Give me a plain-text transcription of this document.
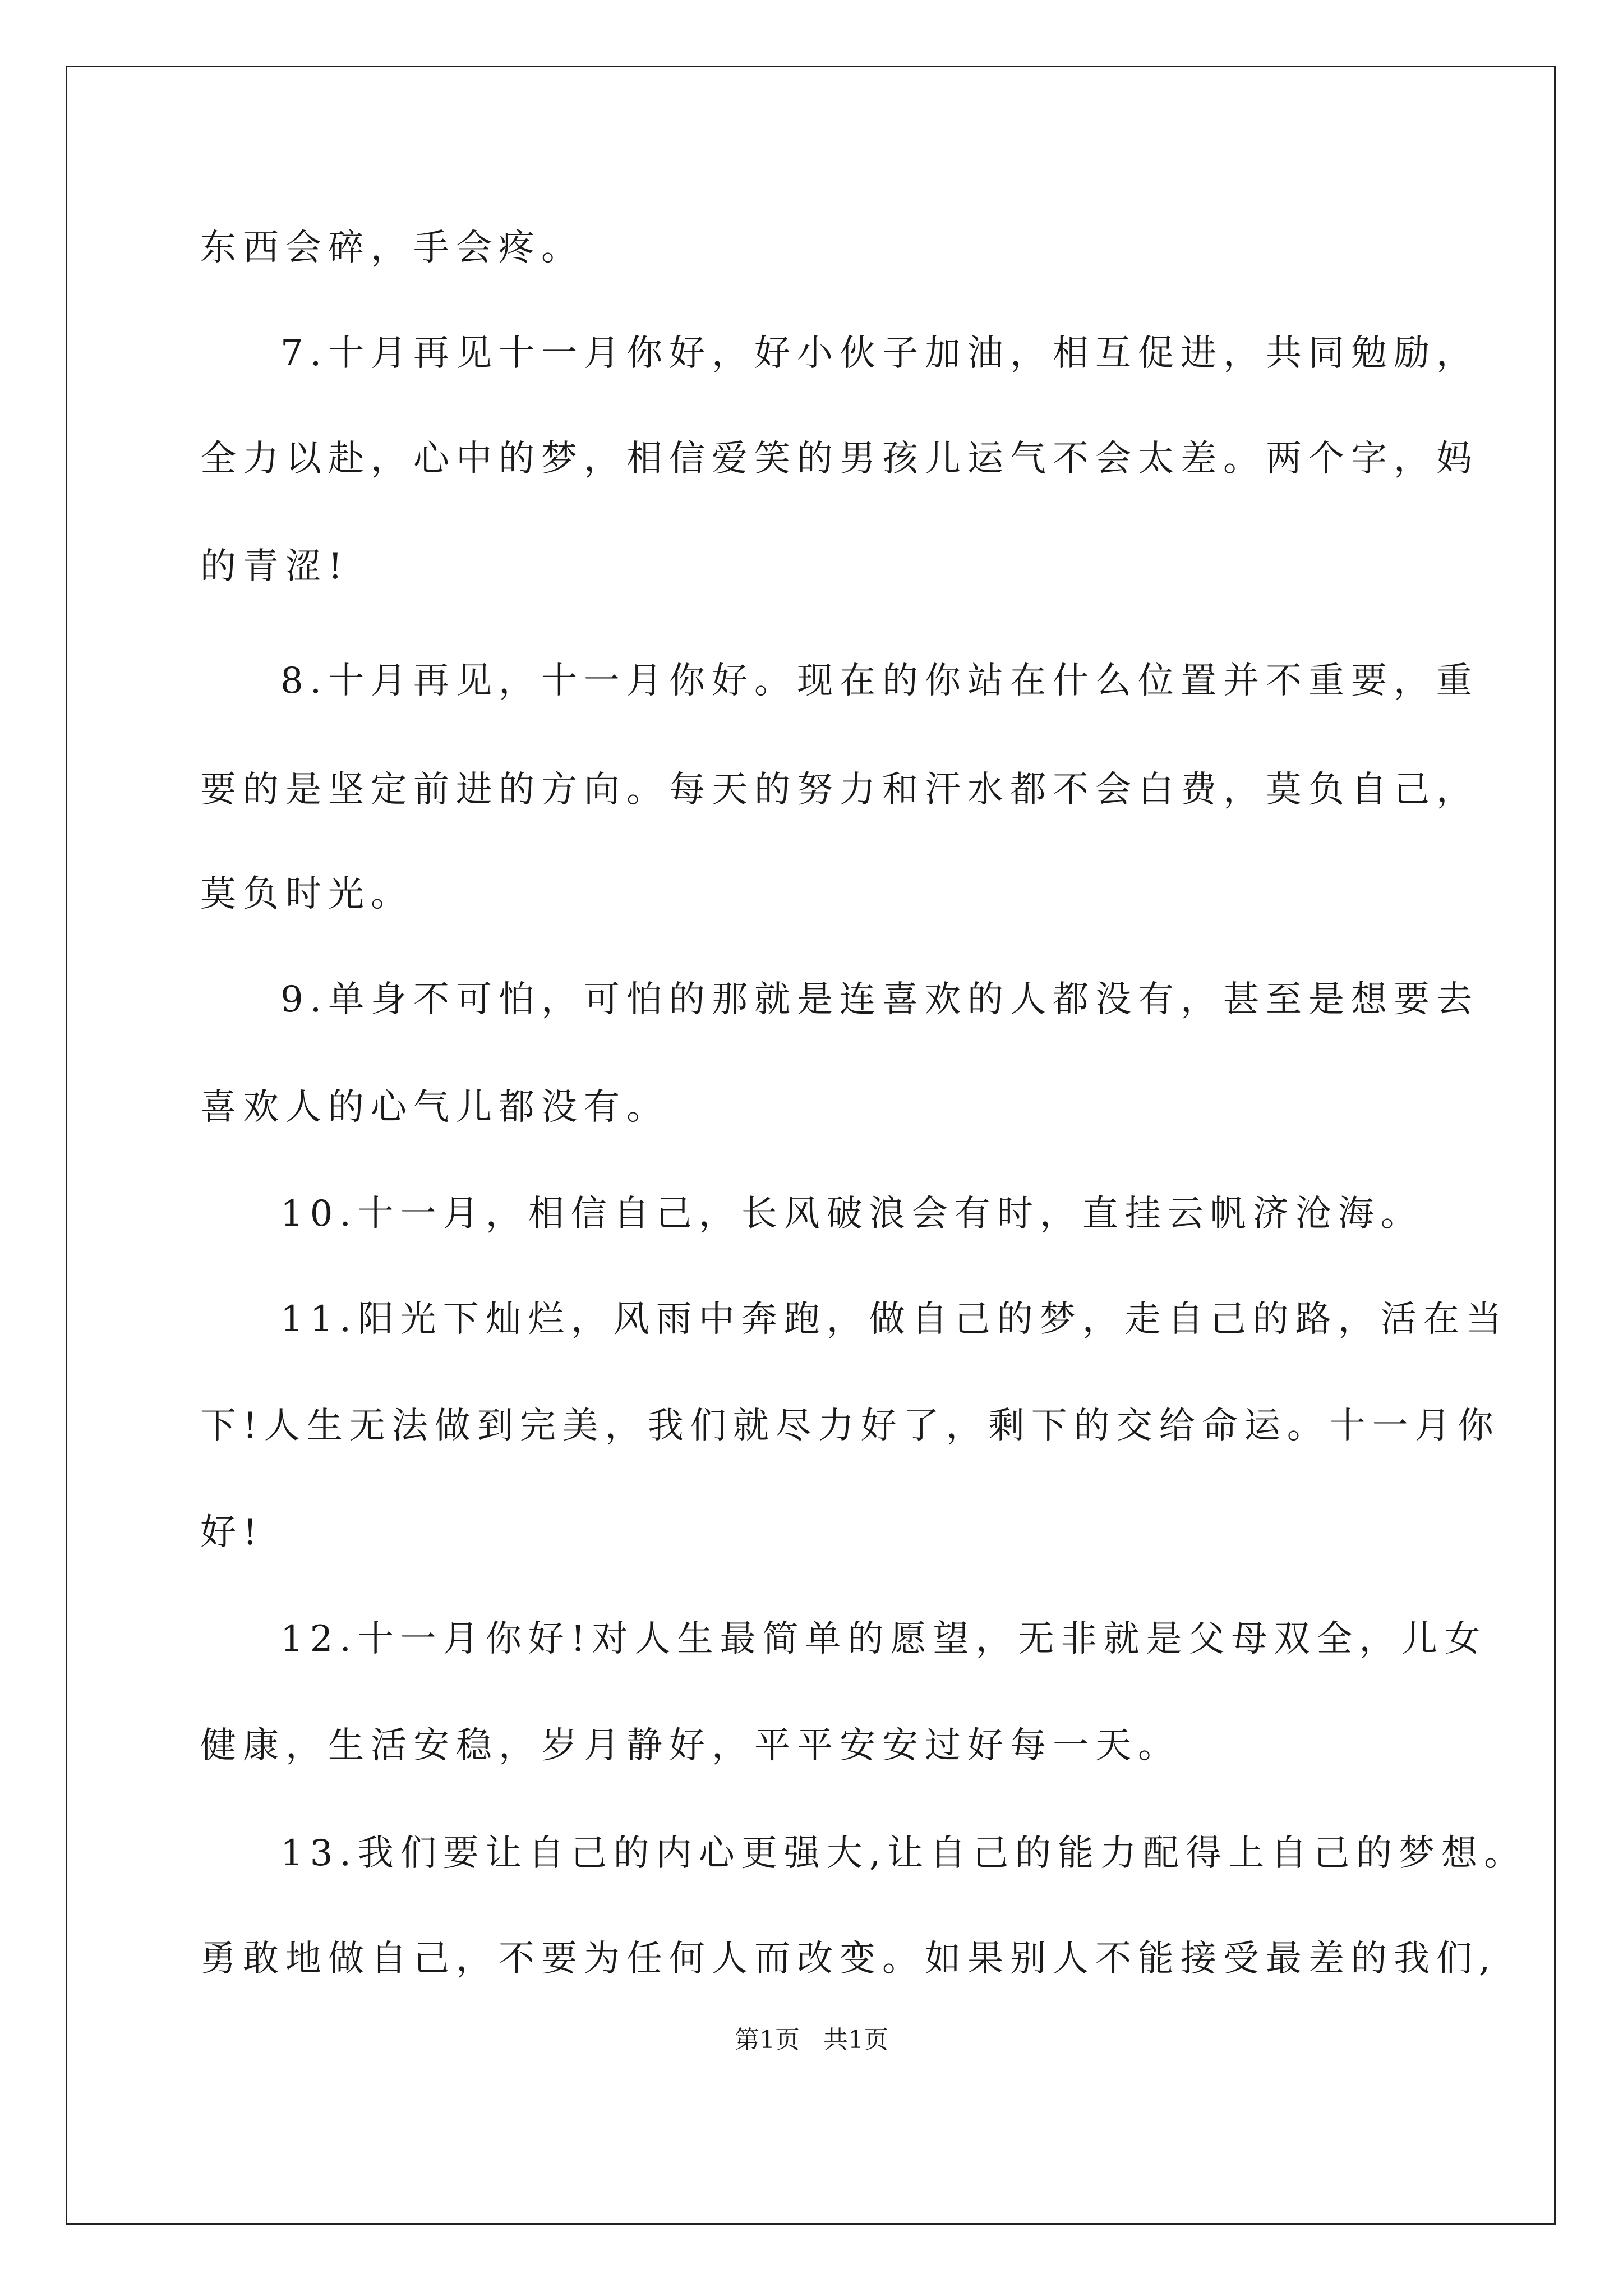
东西会碎，手会疼。
7.十月再见十一月你好，好小伙子加油，相互促进，共同勉励，
全力以赴，心中的梦，相信爱笑的男孩儿运气不会太差。两个字，妈
的青涩!
8.十月再见，十一月你好。现在的你站在什么位置并不重要，重
要的是坚定前进的方向。每天的努力和汗水都不会白费，莫负自己，
莫负时光。
9.单身不可怕，可怕的那就是连喜欢的人都没有，甚至是想要去
喜欢人的心气儿都没有。
10.十一月，相信自己，长风破浪会有时，直挂云帆济沧海。
11.阳光下灿烂，风雨中奔跑，做自己的梦，走自己的路，活在当
下!人生无法做到完美，我们就尽力好了，剩下的交给命运。十一月你
好!
12.十一月你好!对人生最简单的愿望，无非就是父母双全，儿女
健康，生活安稳，岁月静好，平平安安过好每一天。
13.我们要让自己的内心更强大,让自己的能力配得上自己的梦想。
勇敢地做自己，不要为任何人而改变。如果别人不能接受最差的我们,
第1页   共1页
